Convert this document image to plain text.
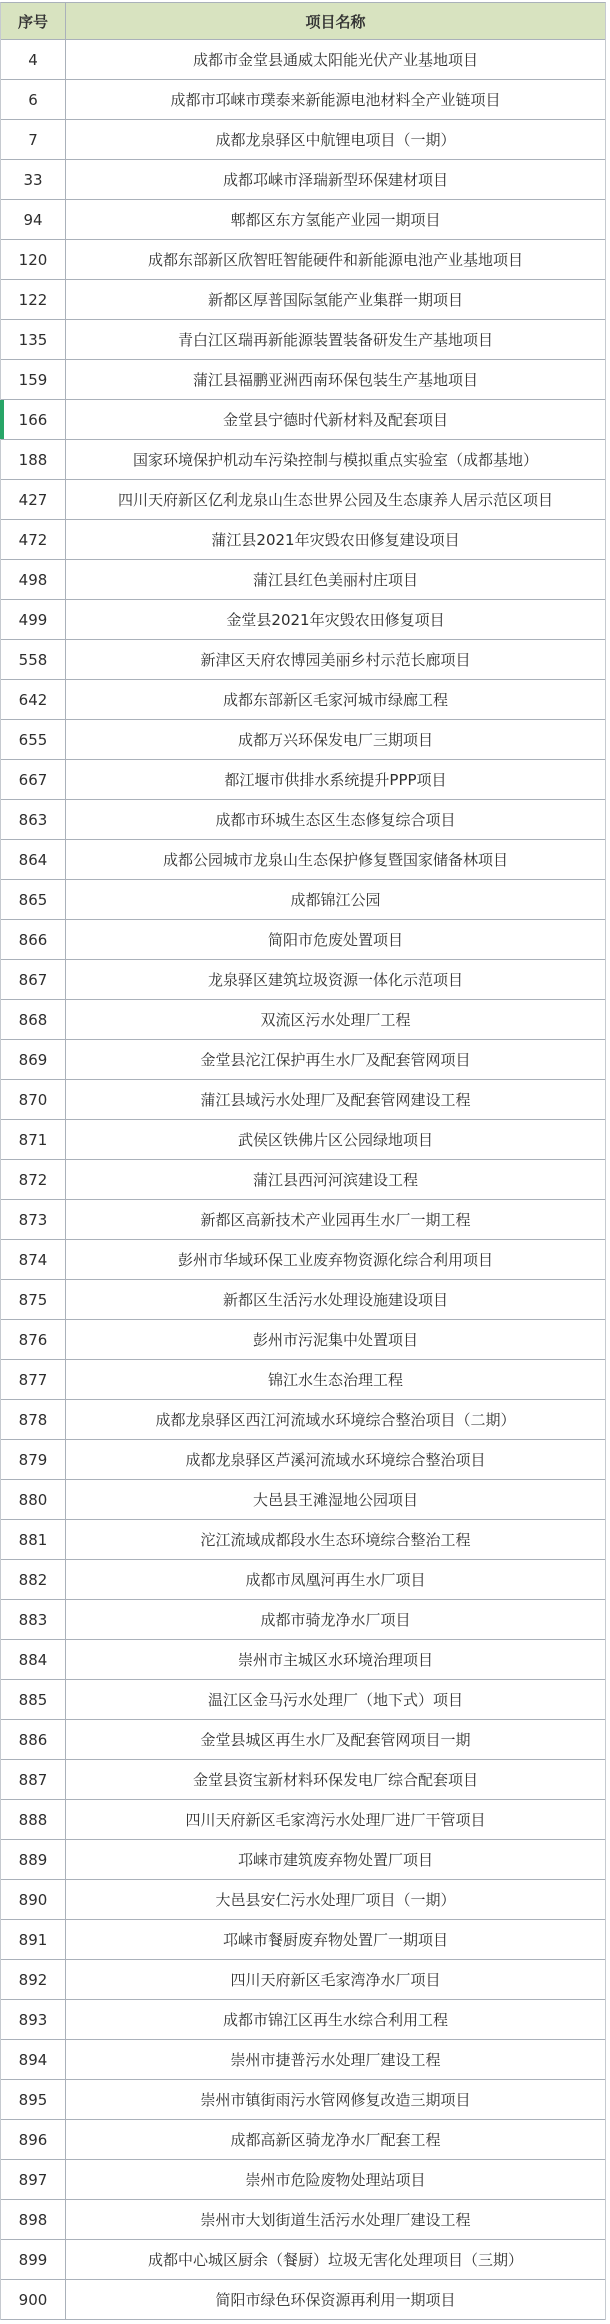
序号	项目名称
4	成都市金堂县通威太阳能光伏产业基地项目
6	成都市邛崃市璞泰来新能源电池材料全产业链项目
7	成都龙泉驿区中航锂电项目（一期）
33	成都邛崃市泽瑞新型环保建材项目
94	郫都区东方氢能产业园一期项目
120	成都东部新区欣智旺智能硬件和新能源电池产业基地项目
122	新都区厚普国际氢能产业集群一期项目
135	青白江区瑞再新能源装置装备研发生产基地项目
159	蒲江县福鹏亚洲西南环保包装生产基地项目
166	金堂县宁德时代新材料及配套项目
188	国家环境保护机动车污染控制与模拟重点实验室（成都基地）
427	四川天府新区亿利龙泉山生态世界公园及生态康养人居示范区项目
472	蒲江县2021年灾毁农田修复建设项目
498	蒲江县红色美丽村庄项目
499	金堂县2021年灾毁农田修复项目
558	新津区天府农博园美丽乡村示范长廊项目
642	成都东部新区毛家河城市绿廊工程
655	成都万兴环保发电厂三期项目
667	都江堰市供排水系统提升PPP项目
863	成都市环城生态区生态修复综合项目
864	成都公园城市龙泉山生态保护修复暨国家储备林项目
865	成都锦江公园
866	简阳市危废处置项目
867	龙泉驿区建筑垃圾资源一体化示范项目
868	双流区污水处理厂工程
869	金堂县沱江保护再生水厂及配套管网项目
870	蒲江县域污水处理厂及配套管网建设工程
871	武侯区铁佛片区公园绿地项目
872	蒲江县西河河滨建设工程
873	新都区高新技术产业园再生水厂一期工程
874	彭州市华域环保工业废弃物资源化综合利用项目
875	新都区生活污水处理设施建设项目
876	彭州市污泥集中处置项目
877	锦江水生态治理工程
878	成都龙泉驿区西江河流域水环境综合整治项目（二期）
879	成都龙泉驿区芦溪河流域水环境综合整治项目
880	大邑县王滩湿地公园项目
881	沱江流域成都段水生态环境综合整治工程
882	成都市凤凰河再生水厂项目
883	成都市骑龙净水厂项目
884	崇州市主城区水环境治理项目
885	温江区金马污水处理厂（地下式）项目
886	金堂县城区再生水厂及配套管网项目一期
887	金堂县资宝新材料环保发电厂综合配套项目
888	四川天府新区毛家湾污水处理厂进厂干管项目
889	邛崃市建筑废弃物处置厂项目
890	大邑县安仁污水处理厂项目（一期）
891	邛崃市餐厨废弃物处置厂一期项目
892	四川天府新区毛家湾净水厂项目
893	成都市锦江区再生水综合利用工程
894	崇州市捷普污水处理厂建设工程
895	崇州市镇街雨污水管网修复改造三期项目
896	成都高新区骑龙净水厂配套工程
897	崇州市危险废物处理站项目
898	崇州市大划街道生活污水处理厂建设工程
899	成都中心城区厨余（餐厨）垃圾无害化处理项目（三期）
900	简阳市绿色环保资源再利用一期项目
